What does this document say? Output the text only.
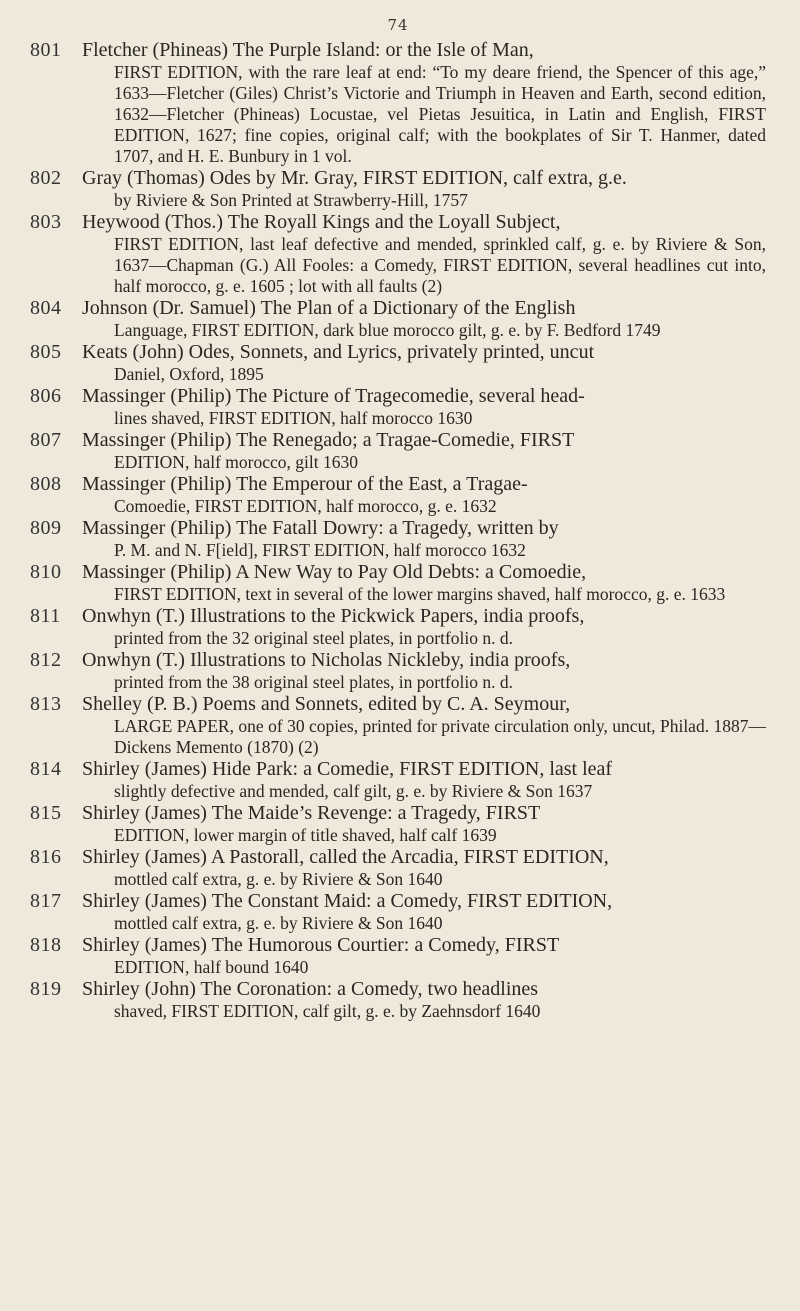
74
801	Fletcher (Phineas) The Purple Island: or the Isle of Man,
FIRST EDITION, with the rare leaf at end: “To my deare friend, the Spencer of this age,” 1633—Fletcher (Giles) Christ’s Victorie and Triumph in Heaven and Earth, second edition, 1632—Fletcher (Phineas) Locustae, vel Pietas Jesuitica, in Latin and English, FIRST EDITION, 1627; fine copies, original calf; with the bookplates of Sir T. Hanmer, dated 1707, and H. E. Bunbury in 1 vol.
802	Gray (Thomas) Odes by Mr. Gray, FIRST EDITION, calf extra, g.e.
by Riviere & Son Printed at Strawberry-Hill, 1757
803	Heywood (Thos.) The Royall Kings and the Loyall Subject,
FIRST EDITION, last leaf defective and mended, sprinkled calf, g. e. by Riviere & Son, 1637—Chapman (G.) All Fooles: a Comedy, FIRST EDITION, several headlines cut into, half morocco, g. e. 1605 ; lot with all faults (2)
804	Johnson (Dr. Samuel) The Plan of a Dictionary of the English
Language, FIRST EDITION, dark blue morocco gilt, g. e. by F. Bedford 1749
805	Keats (John) Odes, Sonnets, and Lyrics, privately printed, uncut
Daniel, Oxford, 1895
806	Massinger (Philip) The Picture of Tragecomedie, several head-
lines shaved, FIRST EDITION, half morocco 1630
807	Massinger (Philip) The Renegado; a Tragae-Comedie, FIRST
EDITION, half morocco, gilt 1630
808	Massinger (Philip) The Emperour of the East, a Tragae-
Comoedie, FIRST EDITION, half morocco, g. e. 1632
809	Massinger (Philip) The Fatall Dowry: a Tragedy, written by
P. M. and N. F[ield], FIRST EDITION, half morocco 1632
810	Massinger (Philip) A New Way to Pay Old Debts: a Comoedie,
FIRST EDITION, text in several of the lower margins shaved, half morocco, g. e. 1633
811	Onwhyn (T.) Illustrations to the Pickwick Papers, india proofs,
printed from the 32 original steel plates, in portfolio n. d.
812	Onwhyn (T.) Illustrations to Nicholas Nickleby, india proofs,
printed from the 38 original steel plates, in portfolio n. d.
813	Shelley (P. B.) Poems and Sonnets, edited by C. A. Seymour,
LARGE PAPER, one of 30 copies, printed for private circulation only, uncut, Philad. 1887—Dickens Memento (1870) (2)
814	Shirley (James) Hide Park: a Comedie, FIRST EDITION, last leaf
slightly defective and mended, calf gilt, g. e. by Riviere & Son 1637
815	Shirley (James) The Maide’s Revenge: a Tragedy, FIRST
EDITION, lower margin of title shaved, half calf 1639
816	Shirley (James) A Pastorall, called the Arcadia, FIRST EDITION,
mottled calf extra, g. e. by Riviere & Son 1640
817	Shirley (James) The Constant Maid: a Comedy, FIRST EDITION,
mottled calf extra, g. e. by Riviere & Son 1640
818	Shirley (James) The Humorous Courtier: a Comedy, FIRST
EDITION, half bound 1640
819	Shirley (John) The Coronation: a Comedy, two headlines
shaved, FIRST EDITION, calf gilt, g. e. by Zaehnsdorf 1640
